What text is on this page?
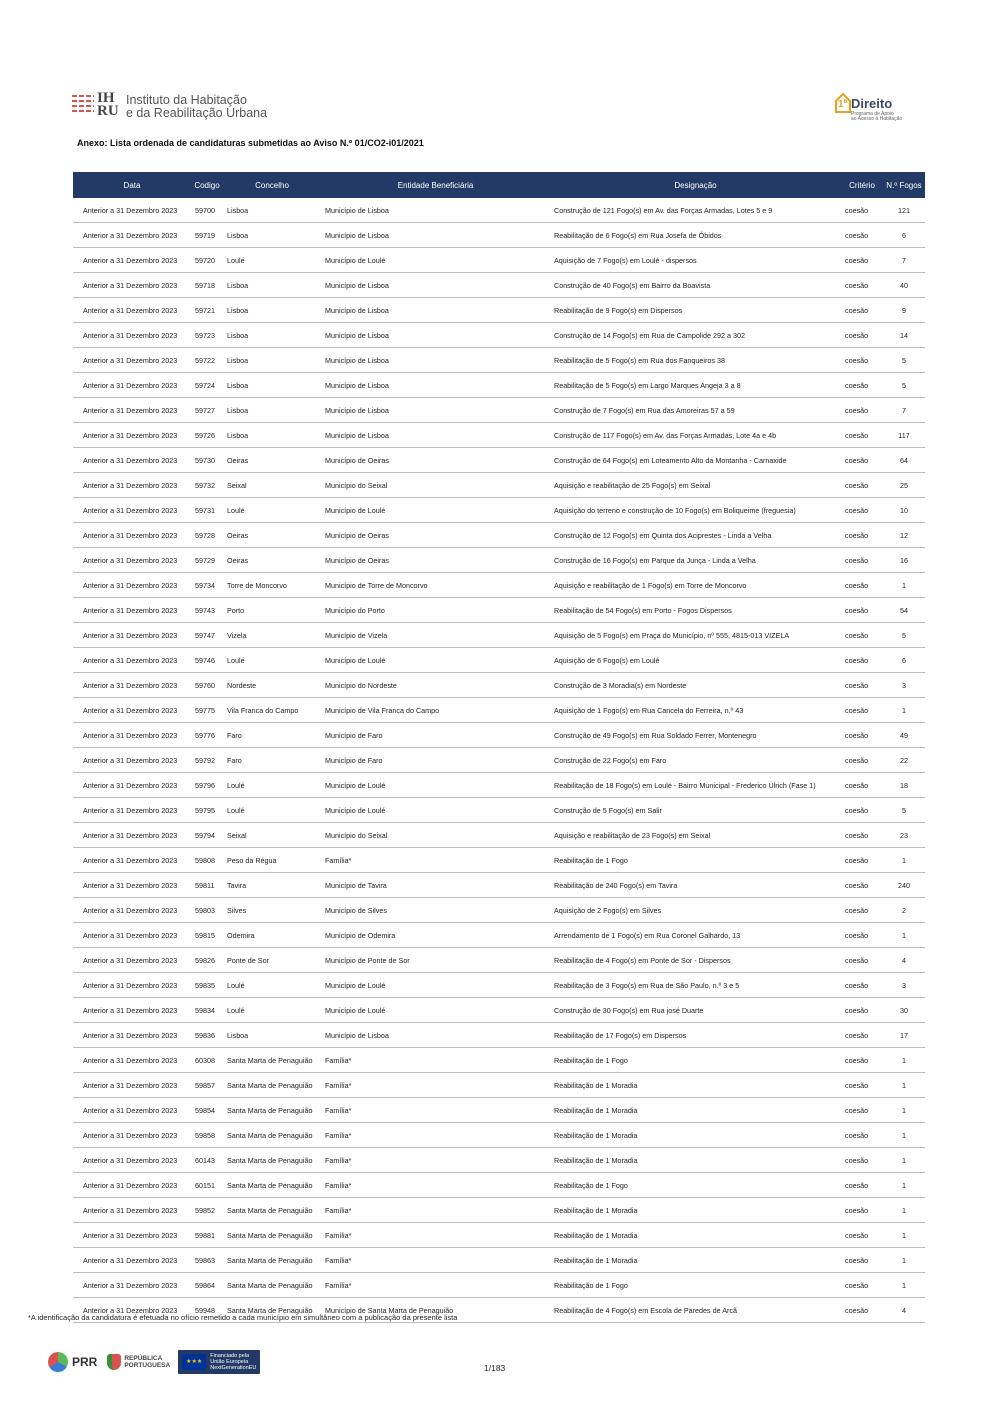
IH
RU
Instituto da Habitação
e da Reabilitação Urbana
1º Direito
Programa de Apoio
ao Acesso à Habitação
Anexo: Lista ordenada de candidaturas submetidas ao Aviso N.º 01/CO2-i01/2021
Data	Codigo	Concelho	Entidade Beneficiária	Designação	Critério	N.º Fogos
Anterior a 31 Dezembro 2023	59700	Lisboa	Município de Lisboa	Construção de 121 Fogo(s) em Av. das Forças Armadas, Lotes 5 e 9	coesão	121
Anterior a 31 Dezembro 2023	59719	Lisboa	Município de Lisboa	Reabilitação de 6 Fogo(s) em Rua Josefa de Óbidos	coesão	6
Anterior a 31 Dezembro 2023	59720	Loulé	Município de Loulé	Aquisição de 7 Fogo(s) em Loulé - dispersos	coesão	7
Anterior a 31 Dezembro 2023	59718	Lisboa	Município de Lisboa	Construção de 40 Fogo(s) em Bairro da Boavista	coesão	40
Anterior a 31 Dezembro 2023	59721	Lisboa	Município de Lisboa	Reabilitação de 9 Fogo(s) em Dispersos	coesão	9
Anterior a 31 Dezembro 2023	59723	Lisboa	Município de Lisboa	Construção de 14 Fogo(s) em Rua de Campolide 292 a 302	coesão	14
Anterior a 31 Dezembro 2023	59722	Lisboa	Município de Lisboa	Reabilitação de 5 Fogo(s) em Rua dos Fanqueiros 38	coesão	5
Anterior a 31 Dezembro 2023	59724	Lisboa	Município de Lisboa	Reabilitação de 5 Fogo(s) em Largo Marques Angeja 3 a 8	coesão	5
Anterior a 31 Dezembro 2023	59727	Lisboa	Município de Lisboa	Construção de 7 Fogo(s) em Rua das Amoreiras 57 a 59	coesão	7
Anterior a 31 Dezembro 2023	59726	Lisboa	Município de Lisboa	Construção de 117 Fogo(s) em Av. das Forças Armadas, Lote 4a e 4b	coesão	117
Anterior a 31 Dezembro 2023	59730	Oeiras	Município de Oeiras	Construção de 64 Fogo(s) em Loteamento Alto da Montanha - Carnaxide	coesão	64
Anterior a 31 Dezembro 2023	59732	Seixal	Município do Seixal	Aquisição e reabilitação de 25 Fogo(s) em Seixal	coesão	25
Anterior a 31 Dezembro 2023	59731	Loulé	Município de Loulé	Aquisição do terreno e construção de 10 Fogo(s) em Boliqueime (freguesia)	coesão	10
Anterior a 31 Dezembro 2023	59728	Oeiras	Município de Oeiras	Construção de 12 Fogo(s) em Quinta dos Aciprestes - Linda a Velha	coesão	12
Anterior a 31 Dezembro 2023	59729	Oeiras	Município de Oeiras	Construção de 16 Fogo(s) em Parque da Junça - Linda a Velha	coesão	16
Anterior a 31 Dezembro 2023	59734	Torre de Moncorvo	Município de Torre de Moncorvo	Aquisição e reabilitação de 1 Fogo(s) em Torre de Moncorvo	coesão	1
Anterior a 31 Dezembro 2023	59743	Porto	Município do Porto	Reabilitação de 54 Fogo(s) em Porto - Fogos Dispersos	coesão	54
Anterior a 31 Dezembro 2023	59747	Vizela	Município de Vizela	Aquisição de 5 Fogo(s) em Praça do Município, nº 555, 4815-013 VIZELA	coesão	5
Anterior a 31 Dezembro 2023	59746	Loulé	Município de Loulé	Aquisição de 6 Fogo(s) em Loulé	coesão	6
Anterior a 31 Dezembro 2023	59760	Nordeste	Município do Nordeste	Construção de 3 Moradia(s) em Nordeste	coesão	3
Anterior a 31 Dezembro 2023	59775	Vila Franca do Campo	Município de Vila Franca do Campo	Aquisição de 1 Fogo(s) em Rua Cancela do Ferreira, n.º 43	coesão	1
Anterior a 31 Dezembro 2023	59776	Faro	Município de Faro	Construção de 49 Fogo(s) em Rua Soldado Ferrer, Montenegro	coesão	49
Anterior a 31 Dezembro 2023	59792	Faro	Município de Faro	Construção de 22 Fogo(s) em Faro	coesão	22
Anterior a 31 Dezembro 2023	59796	Loulé	Município de Loulé	Reabilitação de 18 Fogo(s) em Loulé - Bairro Municipal - Frederico Ulrich (Fase 1)	coesão	18
Anterior a 31 Dezembro 2023	59795	Loulé	Município de Loulé	Construção de 5 Fogo(s) em Salir	coesão	5
Anterior a 31 Dezembro 2023	59794	Seixal	Município do Seixal	Aquisição e reabilitação de 23 Fogo(s) em Seixal	coesão	23
Anterior a 31 Dezembro 2023	59808	Peso da Régua	Família*	Reabilitação de 1 Fogo	coesão	1
Anterior a 31 Dezembro 2023	59811	Tavira	Município de Tavira	Reabilitação de 240 Fogo(s) em Tavira	coesão	240
Anterior a 31 Dezembro 2023	59803	Silves	Município de Silves	Aquisição de 2 Fogo(s) em Silves	coesão	2
Anterior a 31 Dezembro 2023	59815	Odemira	Município de Odemira	Arrendamento de 1 Fogo(s) em Rua Coronel Galhardo, 13	coesão	1
Anterior a 31 Dezembro 2023	59826	Ponte de Sor	Município de Ponte de Sor	Reabilitação de 4 Fogo(s) em Ponte de Sor - Dispersos	coesão	4
Anterior a 31 Dezembro 2023	59835	Loulé	Município de Loulé	Reabilitação de 3 Fogo(s) em Rua de São Paulo, n.º 3 e 5	coesão	3
Anterior a 31 Dezembro 2023	59834	Loulé	Município de Loulé	Construção de 30 Fogo(s) em Rua josé Duarte	coesão	30
Anterior a 31 Dezembro 2023	59836	Lisboa	Município de Lisboa	Reabilitação de 17 Fogo(s) em Dispersos	coesão	17
Anterior a 31 Dezembro 2023	60308	Santa Marta de Penaguião	Família*	Reabilitação de 1 Fogo	coesão	1
Anterior a 31 Dezembro 2023	59857	Santa Marta de Penaguião	Família*	Reabilitação de 1 Moradia	coesão	1
Anterior a 31 Dezembro 2023	59854	Santa Marta de Penaguião	Família*	Reabilitação de 1 Moradia	coesão	1
Anterior a 31 Dezembro 2023	59858	Santa Marta de Penaguião	Família*	Reabilitação de 1 Moradia	coesão	1
Anterior a 31 Dezembro 2023	60143	Santa Marta de Penaguião	Família*	Reabilitação de 1 Moradia	coesão	1
Anterior a 31 Dezembro 2023	60151	Santa Marta de Penaguião	Família*	Reabilitação de 1 Fogo	coesão	1
Anterior a 31 Dezembro 2023	59852	Santa Marta de Penaguião	Família*	Reabilitação de 1 Moradia	coesão	1
Anterior a 31 Dezembro 2023	59881	Santa Marta de Penaguião	Família*	Reabilitação de 1 Moradia	coesão	1
Anterior a 31 Dezembro 2023	59863	Santa Marta de Penaguião	Família*	Reabilitação de 1 Moradia	coesão	1
Anterior a 31 Dezembro 2023	59864	Santa Marta de Penaguião	Família*	Reabilitação de 1 Fogo	coesão	1
Anterior a 31 Dezembro 2023	59948	Santa Marta de Penaguião	Município de Santa Marta de Penaguião	Reabilitação de 4 Fogo(s) em Escola de Paredes de Arcã	coesão	4
*A identificação da candidatura é efetuada no ofício remetido a cada município em simultâneo com a publicação da presente lista
PRR	REPÚBLICA
PORTUGUESA	★★★
Financiado pela
União Europeia
NextGenerationEU	1/183
